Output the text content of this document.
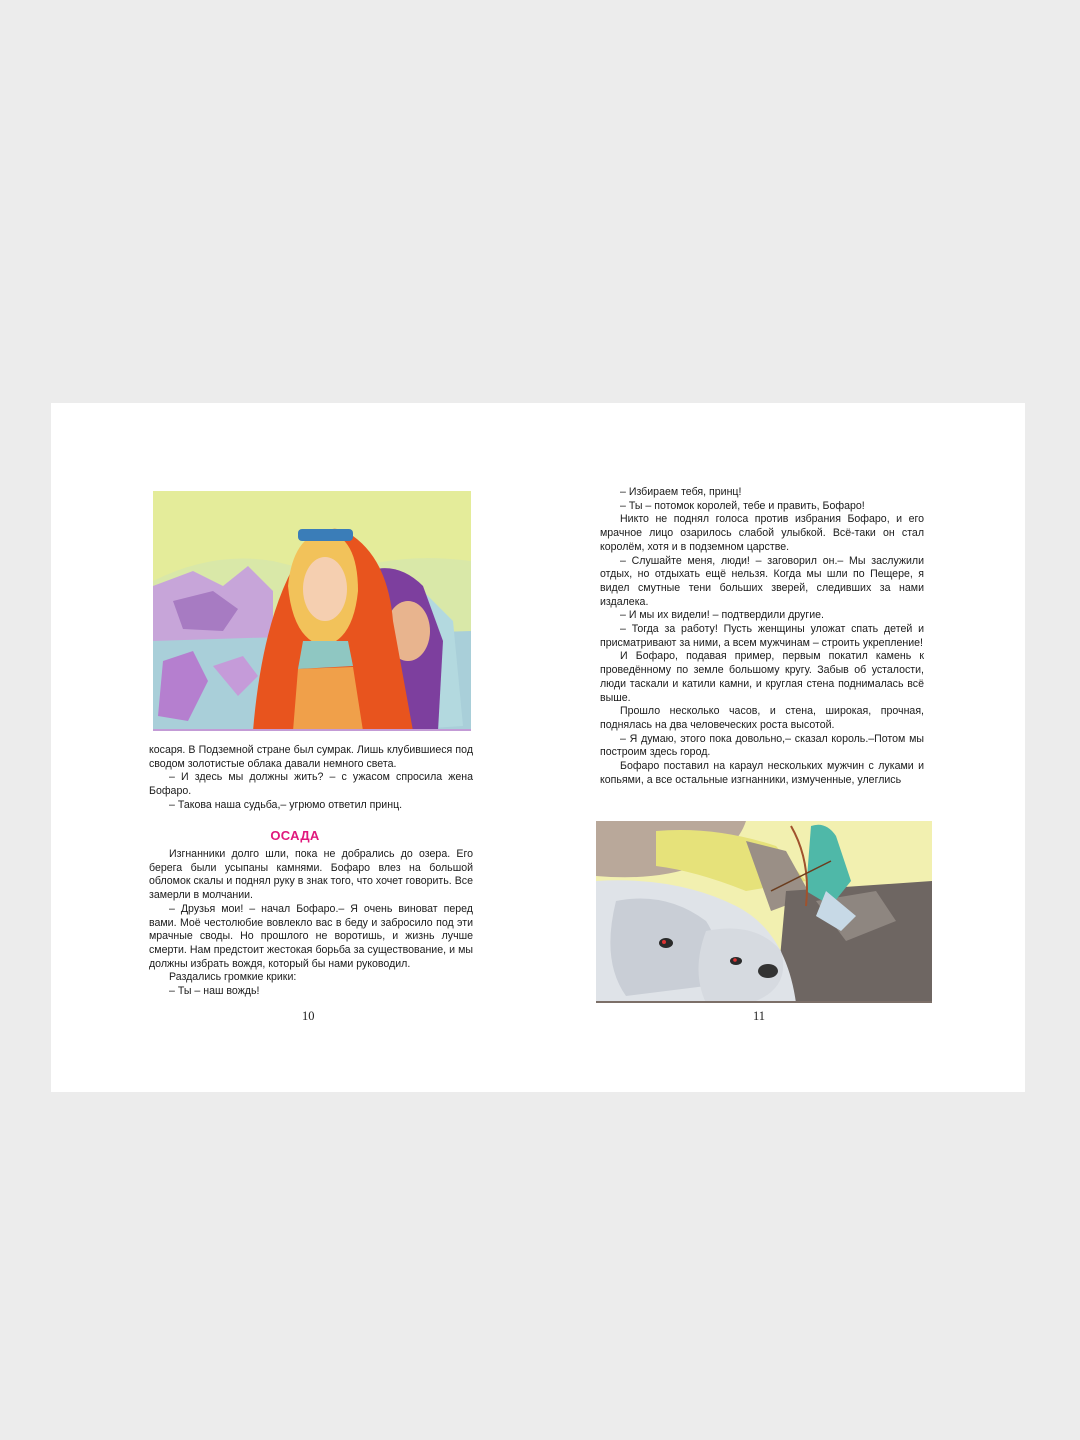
косаря. В Подземной стране был сумрак. Лишь клубившиеся под сводом золотистые облака давали немного света.

– И здесь мы должны жить? – с ужасом спросила жена Бофаро.

– Такова наша судьба,– угрюмо ответил принц.

ОСАДА

Изгнанники долго шли, пока не добрались до озера. Его берега были усыпаны камнями. Бофаро влез на большой обломок скалы и поднял руку в знак того, что хочет говорить. Все замерли в молчании.

– Друзья мои! – начал Бофаро.– Я очень виноват перед вами. Моё честолюбие вовлекло вас в беду и забросило под эти мрачные своды. Но прошлого не воротишь, и жизнь лучше смерти. Нам предстоит жестокая борьба за существование, и мы должны избрать вождя, который бы нами руководил.

Раздались громкие крики:

– Ты – наш вождь!

10

– Избираем тебя, принц!

– Ты – потомок королей, тебе и править, Бофаро!

Никто не поднял голоса против избрания Бофаро, и его мрачное лицо озарилось слабой улыбкой. Всё-таки он стал королём, хотя и в подземном царстве.

– Слушайте меня, люди! – заговорил он.– Мы заслужили отдых, но отдыхать ещё нельзя. Когда мы шли по Пещере, я видел смутные тени больших зверей, следивших за нами издалека.

– И мы их видели! – подтвердили другие.

– Тогда за работу! Пусть женщины уложат спать детей и присматривают за ними, а всем мужчинам – строить укрепление!

И Бофаро, подавая пример, первым покатил камень к проведённому по земле большому кругу. Забыв об усталости, люди таскали и катили камни, и круглая стена поднималась всё выше.

Прошло несколько часов, и стена, широкая, прочная, поднялась на два человеческих роста высотой.

– Я думаю, этого пока довольно,– сказал король.–Потом мы построим здесь город.

Бофаро поставил на караул нескольких мужчин с луками и копьями, а все остальные изгнанники, измученные, улеглись

11
